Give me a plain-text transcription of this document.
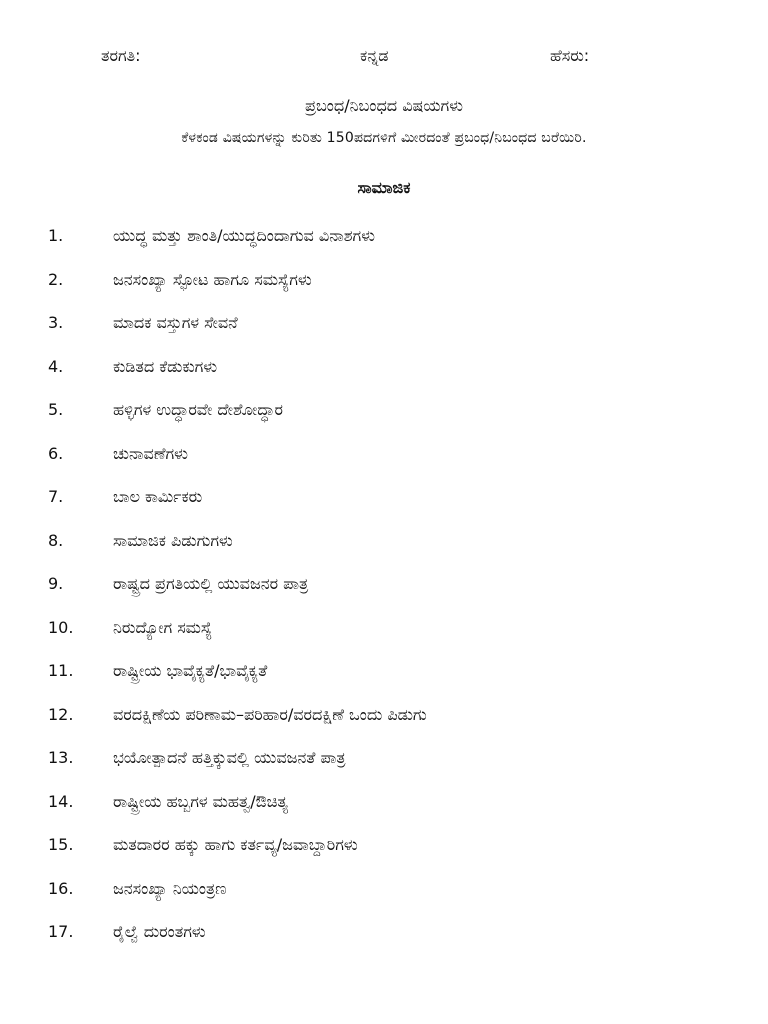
ತರಗತಿ:	ಕನ್ನಡ	ಹೆಸರು:
ಪ್ರಬಂಧ/ನಿಬಂಧದ ವಿಷಯಗಳು
ಕೆಳಕಂಡ ವಿಷಯಗಳನ್ನು ಕುರಿತು 150ಪದಗಳಿಗೆ ಮೀರದಂತೆ ಪ್ರಬಂಧ/ನಿಬಂಧದ ಬರೆಯಿರಿ.
ಸಾಮಾಜಿಕ
1.	ಯುದ್ಧ ಮತ್ತು ಶಾಂತಿ/ಯುದ್ಧದಿಂದಾಗುವ ವಿನಾಶಗಳು
2.	ಜನಸಂಖ್ಯಾ ಸ್ಫೋಟ ಹಾಗೂ ಸಮಸ್ಯೆಗಳು
3.	ಮಾದಕ ವಸ್ತುಗಳ ಸೇವನೆ
4.	ಕುಡಿತದ ಕೆಡುಕುಗಳು
5.	ಹಳ್ಳಿಗಳ ಉದ್ಧಾರವೇ ದೇಶೋದ್ಧಾರ
6.	ಚುನಾವಣೆಗಳು
7.	ಬಾಲ ಕಾರ್ಮಿಕರು
8.	ಸಾಮಾಜಿಕ ಪಿಡುಗುಗಳು
9.	ರಾಷ್ಟ್ರದ ಪ್ರಗತಿಯಲ್ಲಿ ಯುವಜನರ ಪಾತ್ರ
10. ನಿರುದ್ಯೋಗ ಸಮಸ್ಯೆ
11. ರಾಷ್ಟ್ರೀಯ ಭಾವೈಕ್ಯತೆ/ಭಾವೈಕ್ಯತೆ
12. ವರದಕ್ಷಿಣೆಯ ಪರಿಣಾಮ–ಪರಿಹಾರ/ವರದಕ್ಷಿಣೆ ಒಂದು ಪಿಡುಗು
13. ಭಯೋತ್ಪಾದನೆ ಹತ್ತಿಕ್ಕುವಲ್ಲಿ ಯುವಜನತೆ ಪಾತ್ರ
14. ರಾಷ್ಟ್ರೀಯ ಹಬ್ಬಗಳ ಮಹತ್ವ/ಔಚಿತ್ಯ
15. ಮತದಾರರ ಹಕ್ಕು ಹಾಗು ಕರ್ತವ್ಯ/ಜವಾಬ್ದಾರಿಗಳು
16. ಜನಸಂಖ್ಯಾ ನಿಯಂತ್ರಣ
17. ರೈಲ್ವೆ ದುರಂತಗಳು
